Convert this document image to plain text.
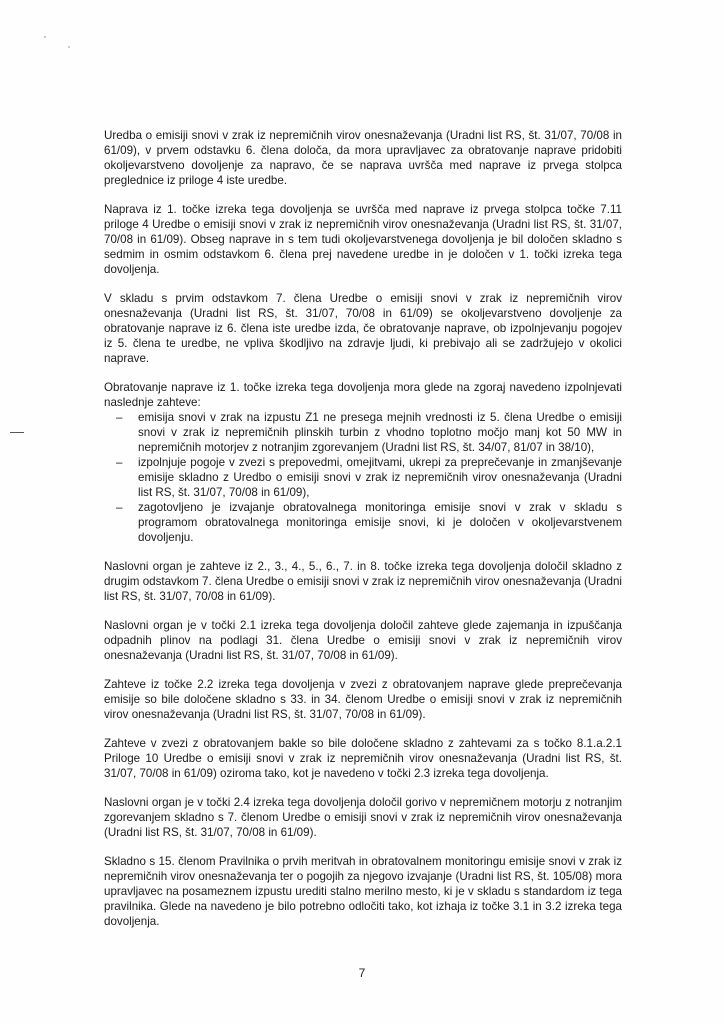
Uredba o emisiji snovi v zrak iz nepremičnih virov onesnaževanja (Uradni list RS, št. 31/07, 70/08 in 61/09), v prvem odstavku 6. člena določa, da mora upravljavec za obratovanje naprave pridobiti okoljevarstveno dovoljenje za napravo, če se naprava uvršča med naprave iz prvega stolpca preglednice iz priloge 4 iste uredbe.

Naprava iz 1. točke izreka tega dovoljenja se uvršča med naprave iz prvega stolpca točke 7.11 priloge 4 Uredbe o emisiji snovi v zrak iz nepremičnih virov onesnaževanja (Uradni list RS, št. 31/07, 70/08 in 61/09). Obseg naprave in s tem tudi okoljevarstvenega dovoljenja je bil določen skladno s sedmim in osmim odstavkom 6. člena prej navedene uredbe in je določen v 1. točki izreka tega dovoljenja.

V skladu s prvim odstavkom 7. člena Uredbe o emisiji snovi v zrak iz nepremičnih virov onesnaževanja (Uradni list RS, št. 31/07, 70/08 in 61/09) se okoljevarstveno dovoljenje za obratovanje naprave iz 6. člena iste uredbe izda, če obratovanje naprave, ob izpolnjevanju pogojev iz 5. člena te uredbe, ne vpliva škodljivo na zdravje ljudi, ki prebivajo ali se zadržujejo v okolici naprave.

Obratovanje naprave iz 1. točke izreka tega dovoljenja mora glede na zgoraj navedeno izpolnjevati naslednje zahteve:

– emisija snovi v zrak na izpustu Z1 ne presega mejnih vrednosti iz 5. člena Uredbe o emisiji snovi v zrak iz nepremičnih plinskih turbin z vhodno toplotno močjo manj kot 50 MW in nepremičnih motorjev z notranjim zgorevanjem (Uradni list RS, št. 34/07, 81/07 in 38/10),
– izpolnjuje pogoje v zvezi s prepovedmi, omejitvami, ukrepi za preprečevanje in zmanjševanje emisije skladno z Uredbo o emisiji snovi v zrak iz nepremičnih virov onesnaževanja (Uradni list RS, št. 31/07, 70/08 in 61/09),
– zagotovljeno je izvajanje obratovalnega monitoringa emisije snovi v zrak v skladu s programom obratovalnega monitoringa emisije snovi, ki je določen v okoljevarstvenem dovoljenju.

Naslovni organ je zahteve iz 2., 3., 4., 5., 6., 7. in 8. točke izreka tega dovoljenja določil skladno z drugim odstavkom 7. člena Uredbe o emisiji snovi v zrak iz nepremičnih virov onesnaževanja (Uradni list RS, št. 31/07, 70/08 in 61/09).

Naslovni organ je v točki 2.1 izreka tega dovoljenja določil zahteve glede zajemanja in izpuščanja odpadnih plinov na podlagi 31. člena Uredbe o emisiji snovi v zrak iz nepremičnih virov onesnaževanja (Uradni list RS, št. 31/07, 70/08 in 61/09).

Zahteve iz točke 2.2 izreka tega dovoljenja v zvezi z obratovanjem naprave glede preprečevanja emisije so bile določene skladno s 33. in 34. členom Uredbe o emisiji snovi v zrak iz nepremičnih virov onesnaževanja (Uradni list RS, št. 31/07, 70/08 in 61/09).

Zahteve v zvezi z obratovanjem bakle so bile določene skladno z zahtevami za s točko 8.1.a.2.1 Priloge 10 Uredbe o emisiji snovi v zrak iz nepremičnih virov onesnaževanja (Uradni list RS, št. 31/07, 70/08 in 61/09) oziroma tako, kot je navedeno v točki 2.3 izreka tega dovoljenja.

Naslovni organ je v točki 2.4 izreka tega dovoljenja določil gorivo v nepremičnem motorju z notranjim zgorevanjem skladno s 7. členom Uredbe o emisiji snovi v zrak iz nepremičnih virov onesnaževanja (Uradni list RS, št. 31/07, 70/08 in 61/09).

Skladno s 15. členom Pravilnika o prvih meritvah in obratovalnem monitoringu emisije snovi v zrak iz nepremičnih virov onesnaževanja ter o pogojih za njegovo izvajanje (Uradni list RS, št. 105/08) mora upravljavec na posameznem izpustu urediti stalno merilno mesto, ki je v skladu s standardom iz tega pravilnika. Glede na navedeno je bilo potrebno odločiti tako, kot izhaja iz točke 3.1 in 3.2 izreka tega dovoljenja.

7
